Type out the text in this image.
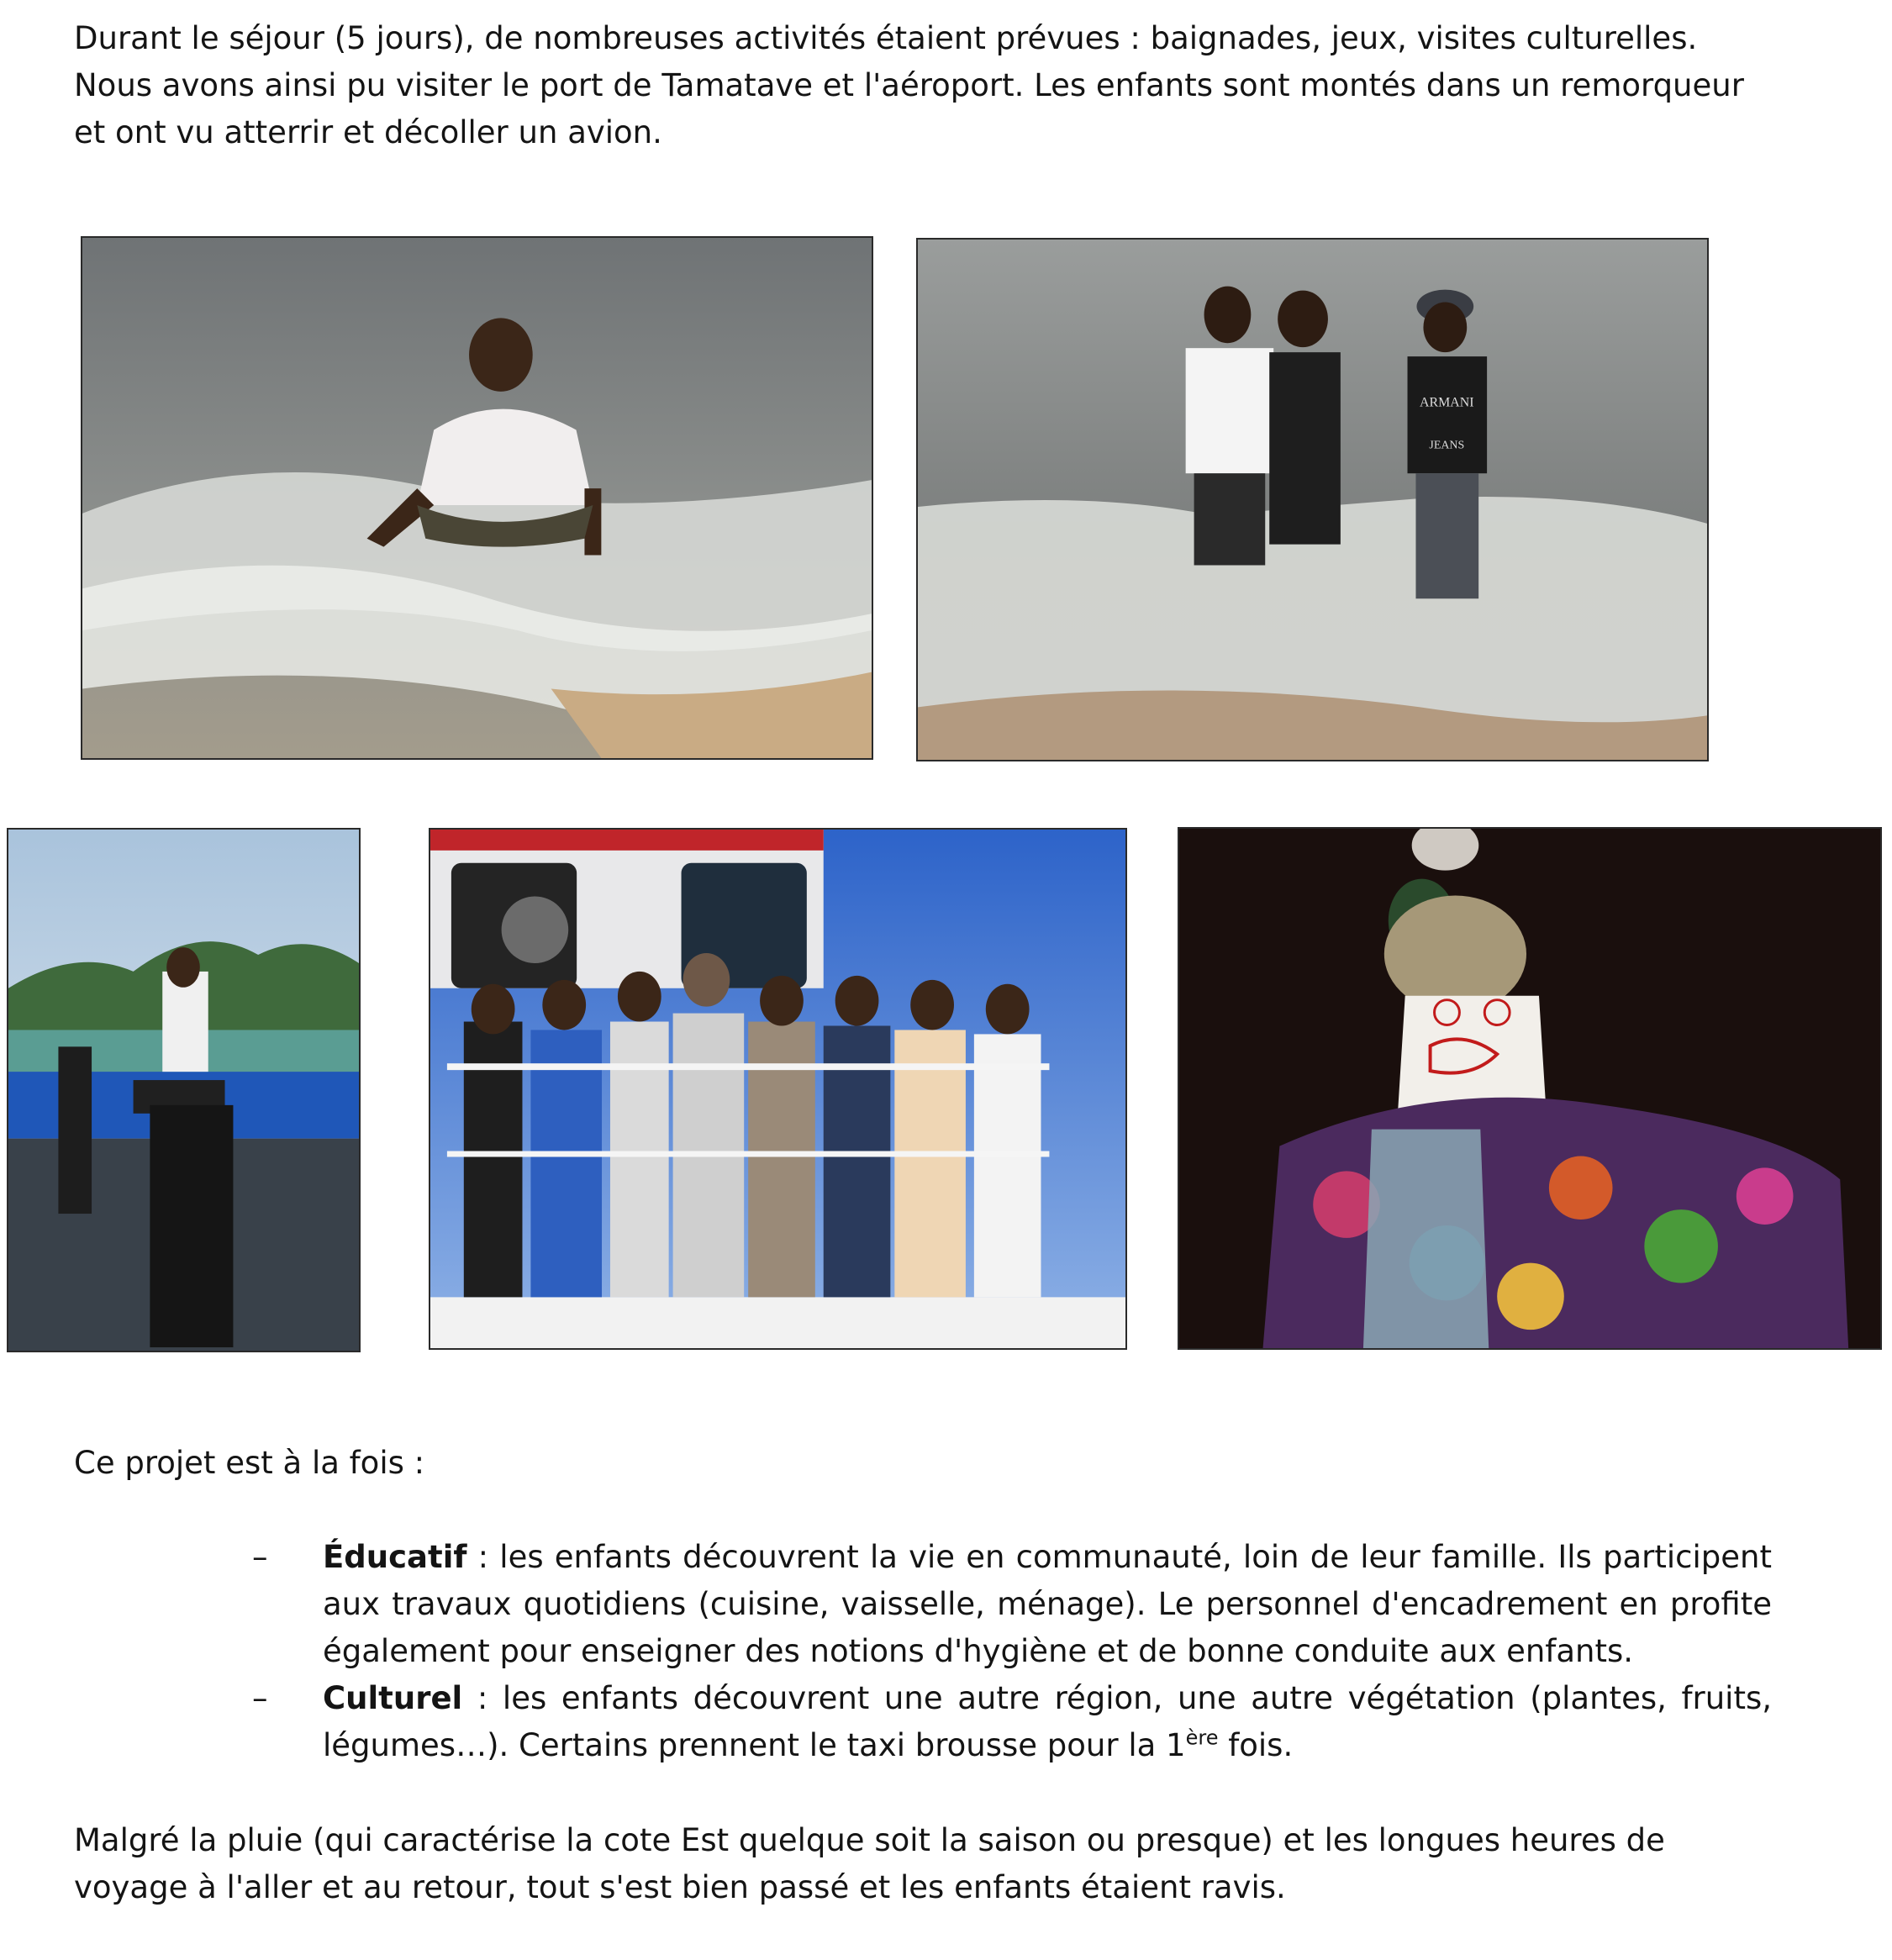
Durant le séjour (5 jours), de nombreuses activités étaient prévues : baignades, jeux, visites culturelles.
Nous avons ainsi pu visiter le port de Tamatave et l'aéroport. Les enfants sont montés dans un remorqueur
et ont vu atterrir et décoller un avion.

ARMANI
JEANS

Ce projet est à la fois :

– Éducatif : les enfants découvrent la vie en communauté, loin de leur famille. Ils participent aux travaux quotidiens (cuisine, vaisselle, ménage). Le personnel d'encadrement en profite également pour enseigner des notions d'hygiène et de bonne conduite aux enfants.
– Culturel : les enfants découvrent une autre région, une autre végétation (plantes, fruits, légumes…). Certains prennent le taxi brousse pour la 1ère fois.

Malgré la pluie (qui caractérise la cote Est quelque soit la saison ou presque) et les longues heures de voyage à l'aller et au retour, tout s'est bien passé et les enfants étaient ravis.
